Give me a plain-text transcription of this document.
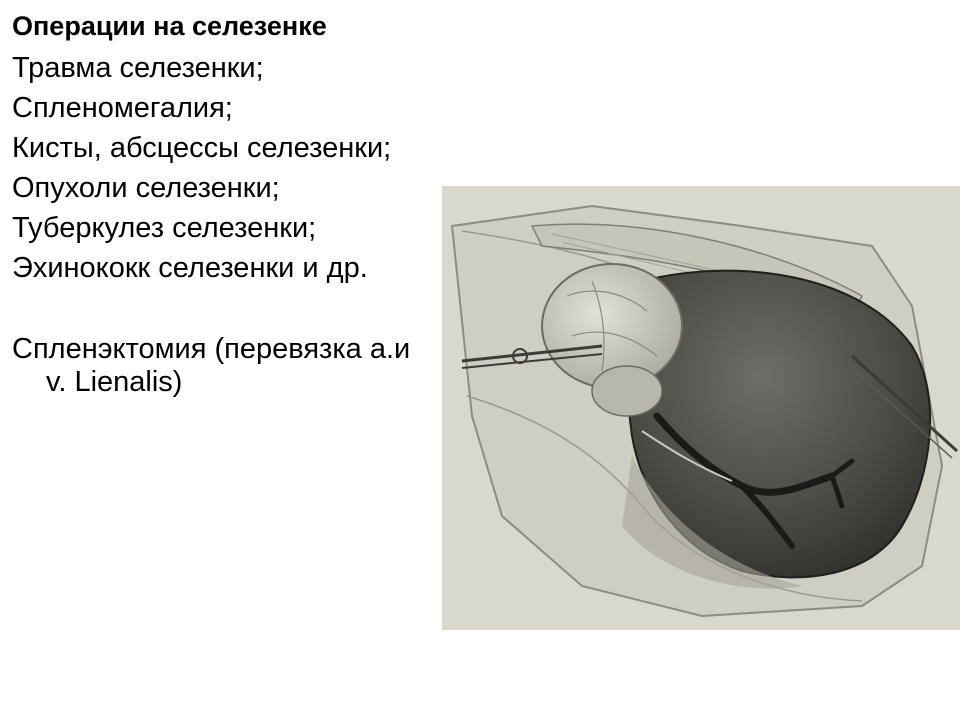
Операции на селезенке
Травма селезенки;
Спленомегалия;
Кисты, абсцессы селезенки;
Опухоли селезенки;
Туберкулез селезенки;
Эхинококк селезенки и др.
Спленэктомия (перевязка a.и v. Lienalis)
